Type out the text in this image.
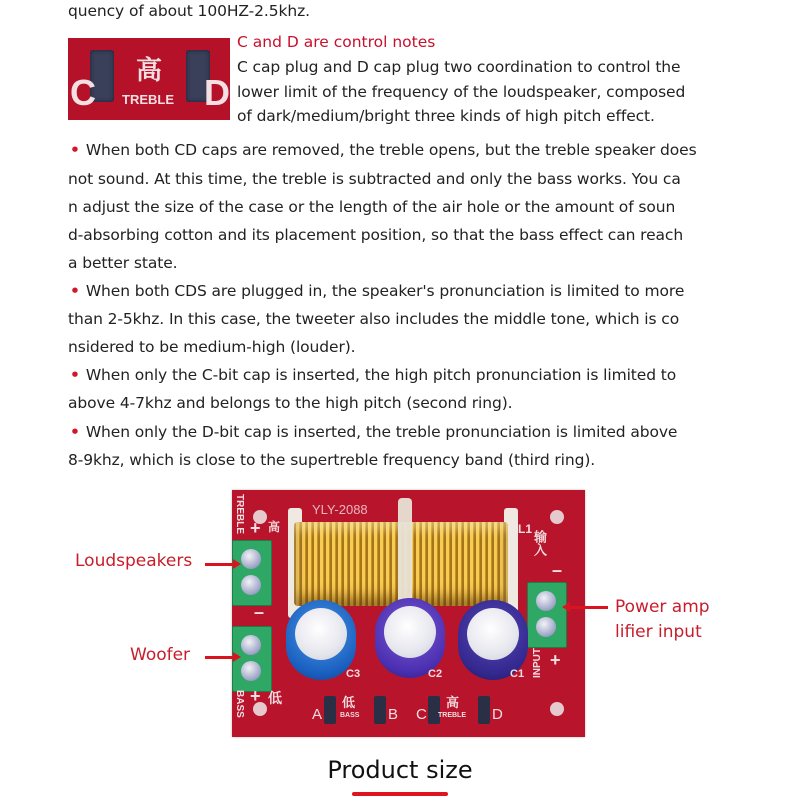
quency of about 100HZ-2.5khz.
C	D
高
TREBLE
C and D are control notes
C cap plug and D cap plug two coordination to control the
lower limit of the frequency of the loudspeaker, composed
of dark/medium/bright three kinds of high pitch effect.
• When both CD caps are removed, the treble opens, but the treble speaker does
not sound. At this time, the treble is subtracted and only the bass works. You ca
n adjust the size of the case or the length of the air hole or the amount of soun
d-absorbing cotton and its placement position, so that the bass effect can reach
a better state.
• When both CDS are plugged in, the speaker's pronunciation is limited to more
than 2-5khz. In this case, the tweeter also includes the middle tone, which is co
nsidered to be medium-high (louder).
• When only the C-bit cap is inserted, the high pitch pronunciation is limited to
above 4-7khz and belongs to the high pitch (second ring).
• When only the D-bit cap is inserted, the treble pronunciation is limited above
8-9khz, which is close to the supertreble frequency band (third ring).
YLY-2088
L1
TREBLE + 高
–
BASS + 低
INPUT +
–
输入
C3	C2	C1
A	B C	D
低
BASS
高
TREBLE
Loudspeakers
Woofer
Power amp
lifier input
Product size
